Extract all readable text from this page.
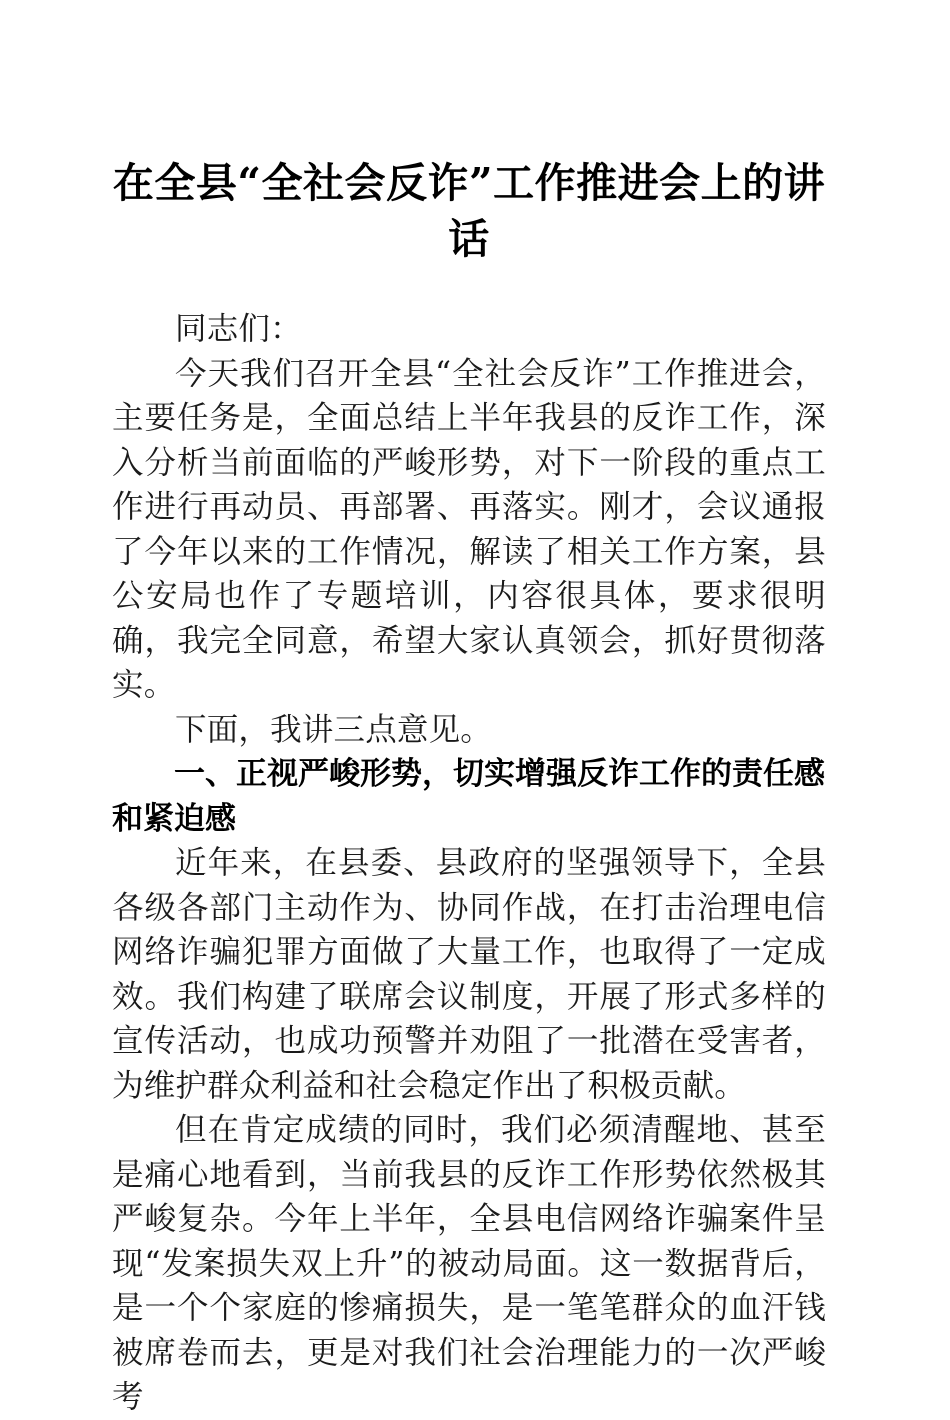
在全县“全社会反诈”工作推进会上的讲话

同志们：

今天我们召开全县“全社会反诈”工作推进会，主要任务是，全面总结上半年我县的反诈工作，深入分析当前面临的严峻形势，对下一阶段的重点工作进行再动员、再部署、再落实。刚才，会议通报了今年以来的工作情况，解读了相关工作方案，县公安局也作了专题培训，内容很具体，要求很明确，我完全同意，希望大家认真领会，抓好贯彻落实。

下面，我讲三点意见。

一、正视严峻形势，切实增强反诈工作的责任感和紧迫感

近年来，在县委、县政府的坚强领导下，全县各级各部门主动作为、协同作战，在打击治理电信网络诈骗犯罪方面做了大量工作，也取得了一定成效。我们构建了联席会议制度，开展了形式多样的宣传活动，也成功预警并劝阻了一批潜在受害者，为维护群众利益和社会稳定作出了积极贡献。

但在肯定成绩的同时，我们必须清醒地、甚至是痛心地看到，当前我县的反诈工作形势依然极其严峻复杂。今年上半年，全县电信网络诈骗案件呈现“发案损失双上升”的被动局面。这一数据背后，是一个个家庭的惨痛损失，是一笔笔群众的血汗钱被席卷而去，更是对我们社会治理能力的一次严峻考
